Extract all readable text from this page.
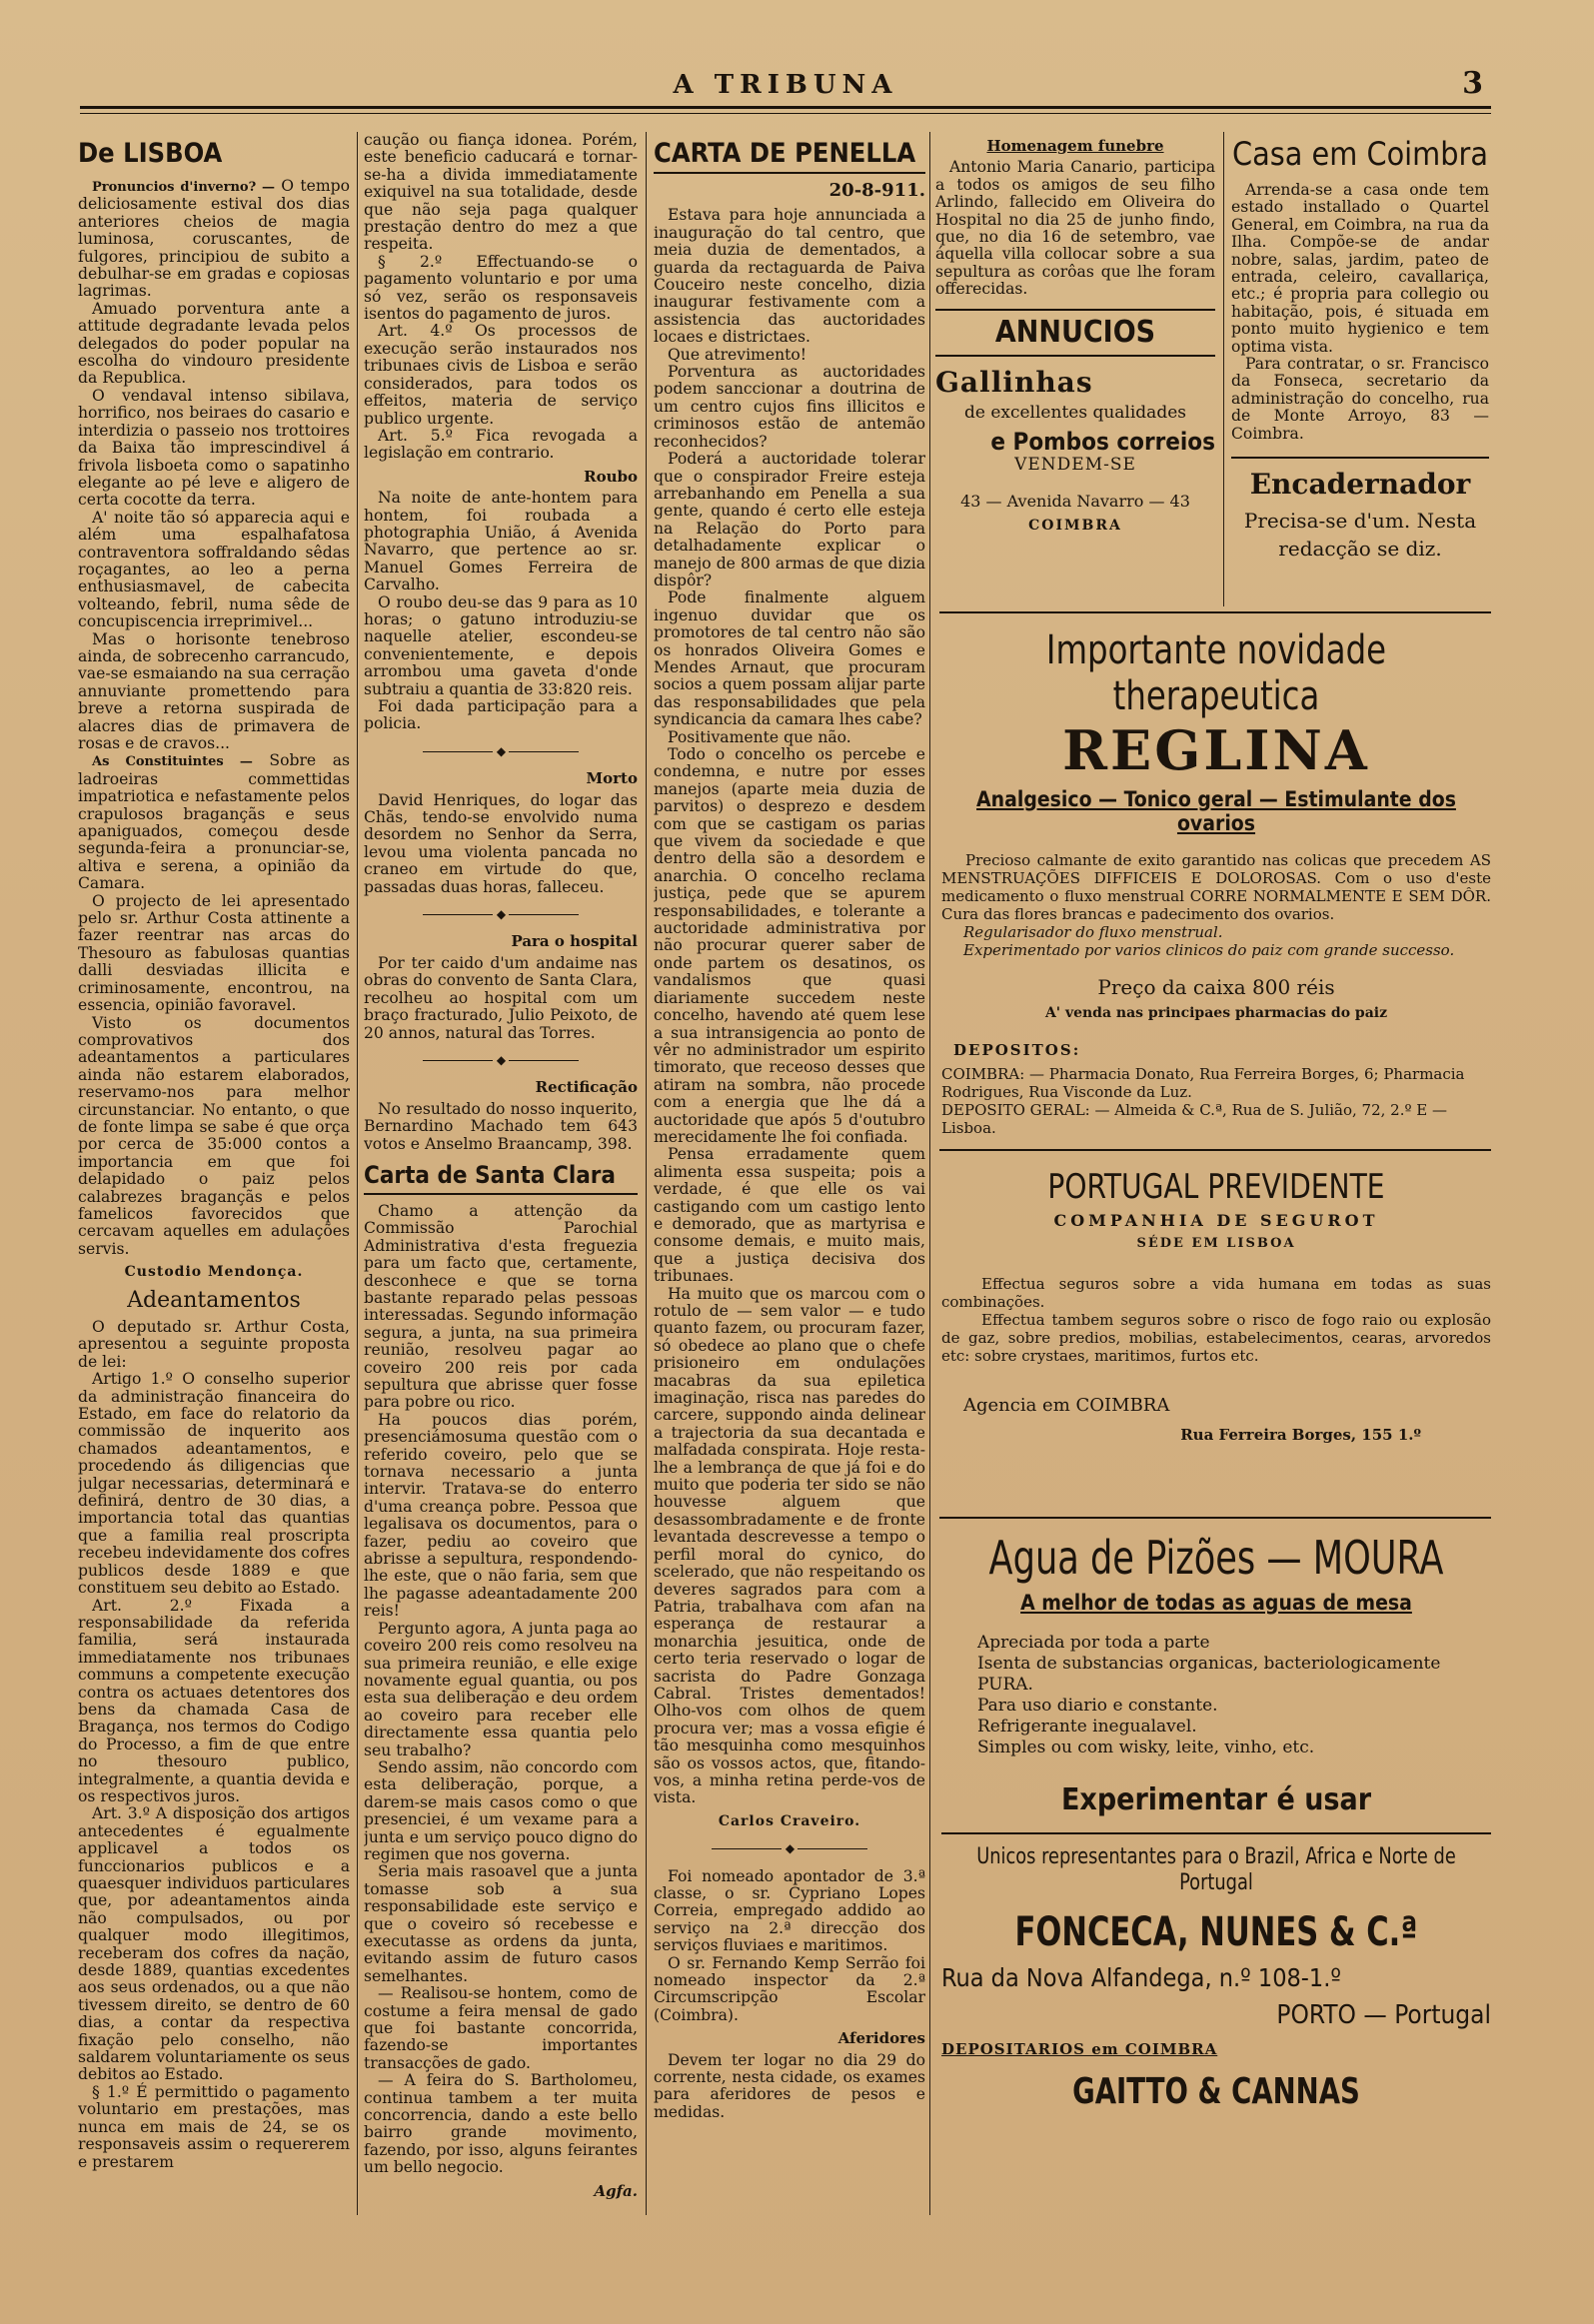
A TRIBUNA	3
De LISBOA

Pronuncios d'inverno? — O tempo deliciosamente estival dos dias anteriores cheios de magia luminosa, coruscantes, de fulgores, principiou de subito a debulhar-se em gradas e copiosas lagrimas.

Amuado porventura ante a attitude degradante levada pelos delegados do poder popular na escolha do vindouro presidente da Republica.

O vendaval intenso sibilava, horrifico, nos beiraes do casario e interdizia o passeio nos trottoires da Baixa tão imprescindivel á frivola lisboeta como o sapatinho elegante ao pé leve e aligero de certa cocotte da terra.

A' noite tão só apparecia aqui e além uma espalhafatosa contraventora soffraldando sêdas roçagantes, ao leo a perna enthusiasmavel, de cabecita volteando, febril, numa sêde de concupiscencia irreprimivel...

Mas o horisonte tenebroso ainda, de sobrecenho carrancudo, vae-se esmaiando na sua cerração annuviante promettendo para breve a retorna suspirada de alacres dias de primavera de rosas e de cravos...

As Constituintes — Sobre as ladroeiras commettidas impatriotica e nefastamente pelos crapulosos bragançãs e seus apaniguados, começou desde segunda-feira a pronunciar-se, altiva e serena, a opinião da Camara.

O projecto de lei apresentado pelo sr. Arthur Costa attinente a fazer reentrar nas arcas do Thesouro as fabulosas quantias dalli desviadas illicita e criminosamente, encontrou, na essencia, opinião favoravel.

Visto os documentos comprovativos dos adeantamentos a particulares ainda não estarem elaborados, reservamo-nos para melhor circunstanciar. No entanto, o que de fonte limpa se sabe é que orça por cerca de 35:000 contos a importancia em que foi delapidado o paiz pelos calabrezes bragançãs e pelos famelicos favorecidos que cercavam aquelles em adulações servis.

Custodio Mendonça.
Adeantamentos

O deputado sr. Arthur Costa, apresentou a seguinte proposta de lei:

Artigo 1.º O conselho superior da administração financeira do Estado, em face do relatorio da commissão de inquerito aos chamados adeantamentos, e procedendo ás diligencias que julgar necessarias, determinará e definirá, dentro de 30 dias, a importancia total das quantias que a familia real proscripta recebeu indevidamente dos cofres publicos desde 1889 e que constituem seu debito ao Estado.

Art. 2.º Fixada a responsabilidade da referida familia, será instaurada immediatamente nos tribunaes communs a competente execução contra os actuaes detentores dos bens da chamada Casa de Bragança, nos termos do Codigo do Processo, a fim de que entre no thesouro publico, integralmente, a quantia devida e os respectivos juros.

Art. 3.º A disposição dos artigos antecedentes é egualmente applicavel a todos os funccionarios publicos e a quaesquer individuos particulares que, por adeantamentos ainda não compulsados, ou por qualquer modo illegitimos, receberam dos cofres da nação, desde 1889, quantias excedentes aos seus ordenados, ou a que não tivessem direito, se dentro de 60 dias, a contar da respectiva fixação pelo conselho, não saldarem voluntariamente os seus debitos ao Estado.

§ 1.º É permittido o pagamento voluntario em prestações, mas nunca em mais de 24, se os responsaveis assim o requererem e prestarem

caução ou fiança idonea. Porém, este beneficio caducará e tornar-se-ha a divida immediatamente exiquivel na sua totalidade, desde que não seja paga qualquer prestação dentro do mez a que respeita.

§ 2.º Effectuando-se o pagamento voluntario e por uma só vez, serão os responsaveis isentos do pagamento de juros.

Art. 4.º Os processos de execução serão instaurados nos tribunaes civis de Lisboa e serão considerados, para todos os effeitos, materia de serviço publico urgente.

Art. 5.º Fica revogada a legislação em contrario.

Roubo

Na noite de ante-hontem para hontem, foi roubada a photographia União, á Avenida Navarro, que pertence ao sr. Manuel Gomes Ferreira de Carvalho.

O roubo deu-se das 9 para as 10 horas; o gatuno introduziu-se naquelle atelier, escondeu-se convenientemente, e depois arrombou uma gaveta d'onde subtraiu a quantia de 33:820 reis.

Foi dada participação para a policia.

◆
Morto

David Henriques, do logar das Chãs, tendo-se envolvido numa desordem no Senhor da Serra, levou uma violenta pancada no craneo em virtude do que, passadas duas horas, falleceu.

◆
Para o hospital

Por ter caido d'um andaime nas obras do convento de Santa Clara, recolheu ao hospital com um braço fracturado, Julio Peixoto, de 20 annos, natural das Torres.

◆
Rectificação

No resultado do nosso inquerito, Bernardino Machado tem 643 votos e Anselmo Braancamp, 398.

Carta de Santa Clara

Chamo a attenção da Commissão Parochial Administrativa d'esta freguezia para um facto que, certamente, desconhece e que se torna bastante reparado pelas pessoas interessadas. Segundo informação segura, a junta, na sua primeira reunião, resolveu pagar ao coveiro 200 reis por cada sepultura que abrisse quer fosse para pobre ou rico.

Ha poucos dias porém, presenciámosuma questão com o referido coveiro, pelo que se tornava necessario a junta intervir. Tratava-se do enterro d'uma creança pobre. Pessoa que legalisava os documentos, para o fazer, pediu ao coveiro que abrisse a sepultura, respondendo-lhe este, que o não faria, sem que lhe pagasse adeantadamente 200 reis!

Pergunto agora, A junta paga ao coveiro 200 reis como resolveu na sua primeira reunião, e elle exige novamente egual quantia, ou pos esta sua deliberação e deu ordem ao coveiro para receber elle directamente essa quantia pelo seu trabalho?

Sendo assim, não concordo com esta deliberação, porque, a darem-se mais casos como o que presenciei, é um vexame para a junta e um serviço pouco digno do regimen que nos governa.

Seria mais rasoavel que a junta tomasse sob a sua responsabilidade este serviço e que o coveiro só recebesse e executasse as ordens da junta, evitando assim de futuro casos semelhantes.

— Realisou-se hontem, como de costume a feira mensal de gado que foi bastante concorrida, fazendo-se importantes transacções de gado.

— A feira do S. Bartholomeu, continua tambem a ter muita concorrencia, dando a este bello bairro grande movimento, fazendo, por isso, alguns feirantes um bello negocio.

Agfa.
CARTA DE PENELLA
20-8-911.

Estava para hoje annunciada a inauguração do tal centro, que meia duzia de dementados, a guarda da rectaguarda de Paiva Couceiro neste concelho, dizia inaugurar festivamente com a assistencia das auctoridades locaes e districtaes.

Que atrevimento!

Porventura as auctoridades podem sanccionar a doutrina de um centro cujos fins illicitos e criminosos estão de antemão reconhecidos?

Poderá a auctoridade tolerar que o conspirador Freire esteja arrebanhando em Penella a sua gente, quando é certo elle esteja na Relação do Porto para detalhadamente explicar o manejo de 800 armas de que dizia dispôr?

Pode finalmente alguem ingenuo duvidar que os promotores de tal centro não são os honrados Oliveira Gomes e Mendes Arnaut, que procuram socios a quem possam alijar parte das responsabilidades que pela syndicancia da camara lhes cabe?

Positivamente que não.

Todo o concelho os percebe e condemna, e nutre por esses manejos (aparte meia duzia de parvitos) o desprezo e desdem com que se castigam os parias que vivem da sociedade e que dentro della são a desordem e anarchia. O concelho reclama justiça, pede que se apurem responsabilidades, e tolerante a auctoridade administrativa por não procurar querer saber de onde partem os desatinos, os vandalismos que quasi diariamente succedem neste concelho, havendo até quem lese a sua intransigencia ao ponto de vêr no administrador um espirito timorato, que receoso desses que atiram na sombra, não procede com a energia que lhe dá a auctoridade que após 5 d'outubro merecidamente lhe foi confiada.

Pensa erradamente quem alimenta essa suspeita; pois a verdade, é que elle os vai castigando com um castigo lento e demorado, que as martyrisa e consome demais, e muito mais, que a justiça decisiva dos tribunaes.

Ha muito que os marcou com o rotulo de — sem valor — e tudo quanto fazem, ou procuram fazer, só obedece ao plano que o chefe prisioneiro em ondulações macabras da sua epiletica imaginação, risca nas paredes do carcere, suppondo ainda delinear a trajectoria da sua decantada e malfadada conspirata. Hoje resta-lhe a lembrança de que já foi e do muito que poderia ter sido se não houvesse alguem que desassombradamente e de fronte levantada descrevesse a tempo o perfil moral do cynico, do scelerado, que não respeitando os deveres sagrados para com a Patria, trabalhava com afan na esperança de restaurar a monarchia jesuitica, onde de certo teria reservado o logar de sacrista do Padre Gonzaga Cabral. Tristes dementados! Olho-vos com olhos de quem procura ver; mas a vossa efigie é tão mesquinha como mesquinhos são os vossos actos, que, fitando-vos, a minha retina perde-vos de vista.

Carlos Craveiro.
◆

Foi nomeado apontador de 3.ª classe, o sr. Cypriano Lopes Correia, empregado addido ao serviço na 2.ª direcção dos serviços fluviaes e maritimos.

O sr. Fernando Kemp Serrão foi nomeado inspector da 2.ª Circumscripção Escolar (Coimbra).

Aferidores

Devem ter logar no dia 29 do corrente, nesta cidade, os exames para aferidores de pesos e medidas.

Homenagem funebre

Antonio Maria Canario, participa a todos os amigos de seu filho Arlindo, fallecido em Oliveira do Hospital no dia 25 de junho findo, que, no dia 16 de setembro, vae áquella villa collocar sobre a sua sepultura as corôas que lhe foram offerecidas.

ANNUCIOS
Gallinhas
de excellentes qualidades
e Pombos correios
VENDEM-SE
43 — Avenida Navarro — 43
COIMBRA
Casa em Coimbra

Arrenda-se a casa onde tem estado installado o Quartel General, em Coimbra, na rua da Ilha. Compõe-se de andar nobre, salas, jardim, pateo de entrada, celeiro, cavallariça, etc.; é propria para collegio ou habitação, pois, é situada em ponto muito hygienico e tem optima vista.

Para contratar, o sr. Francisco da Fonseca, secretario da administração do concelho, rua de Monte Arroyo, 83 — Coimbra.

Encadernador
Precisa-se d'um. Nesta redacção se diz.
Importante novidade therapeutica
REGLINA
Analgesico — Tonico geral — Estimulante dos ovarios
Precioso calmante de exito garantido nas colicas que precedem AS MENSTRUAÇÕES DIFFICEIS E DOLOROSAS. Com o uso d'este medicamento o fluxo menstrual CORRE NORMALMENTE E SEM DÔR. Cura das flores brancas e padecimento dos ovarios.
Regularisador do fluxo menstrual.
Experimentado por varios clinicos do paiz com grande successo.
Preço da caixa 800 réis
A' venda nas principaes pharmacias do paiz
DEPOSITOS:
COIMBRA: — Pharmacia Donato, Rua Ferreira Borges, 6; Pharmacia Rodrigues, Rua Visconde da Luz.
DEPOSITO GERAL: — Almeida & C.ª, Rua de S. Julião, 72, 2.º E — Lisboa.
PORTUGAL PREVIDENTE
COMPANHIA DE SEGUROT
SÉDE EM LISBOA
Effectua seguros sobre a vida humana em todas as suas combinações.
Effectua tambem seguros sobre o risco de fogo raio ou explosão de gaz, sobre predios, mobilias, estabelecimentos, cearas, arvoredos etc: sobre crystaes, maritimos, furtos etc.
Agencia em COIMBRA
Rua Ferreira Borges, 155 1.º
Agua de Pizões — MOURA
A melhor de todas as aguas de mesa
Apreciada por toda a parte
Isenta de substancias organicas, bacteriologicamente PURA.
Para uso diario e constante.
Refrigerante inegualavel.
Simples ou com wisky, leite, vinho, etc.
Experimentar é usar
Unicos representantes para o Brazil, Africa e Norte de Portugal
FONCECA, NUNES & C.ª
Rua da Nova Alfandega, n.º 108-1.º
PORTO — Portugal
DEPOSITARIOS em COIMBRA
GAITTO & CANNAS
